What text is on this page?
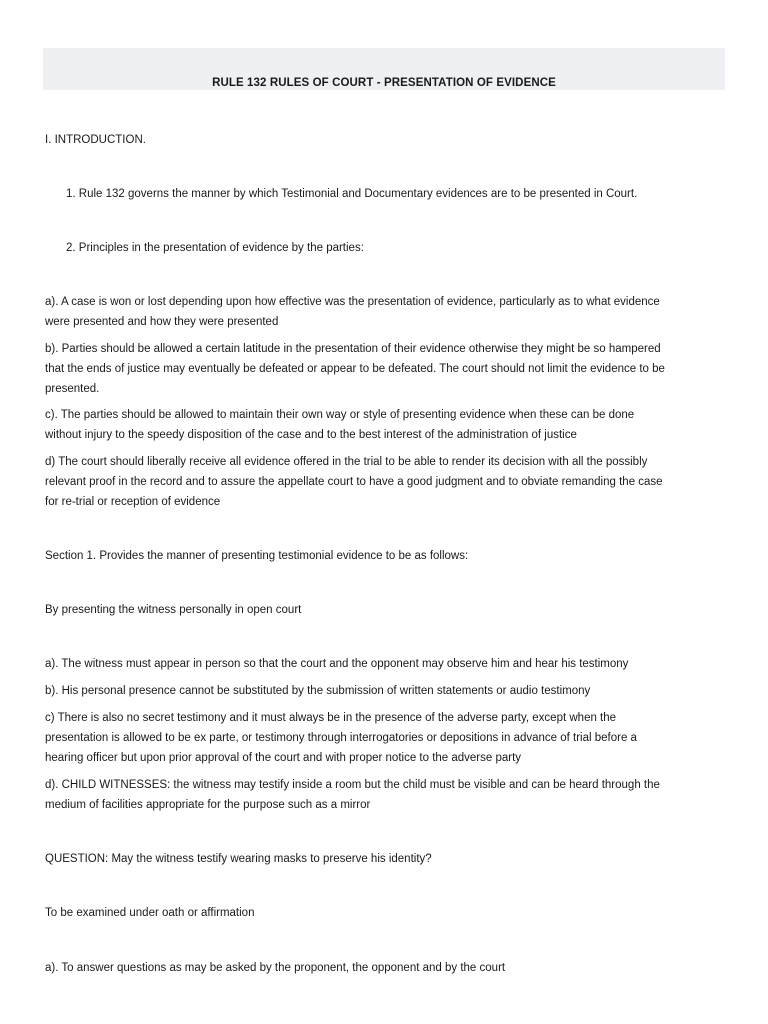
RULE 132 RULES OF COURT - PRESENTATION OF EVIDENCE
I. INTRODUCTION.
1. Rule 132 governs the manner by which Testimonial and Documentary evidences are to be presented in Court.
2. Principles in the presentation of evidence by the parties:
a). A case is won or lost depending upon how effective was the presentation of evidence, particularly as to what evidence
were presented and how they were presented
b). Parties should be allowed a certain latitude in the presentation of their evidence otherwise they might be so hampered
that the ends of justice may eventually be defeated or appear to be defeated. The court should not limit the evidence to be
presented.
c). The parties should be allowed to maintain their own way or style of presenting evidence when these can be done
without injury to the speedy disposition of the case and to the best interest of the administration of justice
d) The court should liberally receive all evidence offered in the trial to be able to render its decision with all the possibly
relevant proof in the record and to assure the appellate court to have a good judgment and to obviate remanding the case
for re-trial or reception of evidence
Section 1. Provides the manner of presenting testimonial evidence to be as follows:
By presenting the witness personally in open court
a). The witness must appear in person so that the court and the opponent may observe him and hear his testimony
b). His personal presence cannot be substituted by the submission of written statements or audio testimony
c) There is also no secret testimony and it must always be in the presence of the adverse party, except when the
presentation is allowed to be ex parte, or testimony through interrogatories or depositions in advance of trial before a
hearing officer but upon prior approval of the court and with proper notice to the adverse party
d). CHILD WITNESSES: the witness may testify inside a room but the child must be visible and can be heard through the
medium of facilities appropriate for the purpose such as a mirror
QUESTION: May the witness testify wearing masks to preserve his identity?
To be examined under oath or affirmation
a). To answer questions as may be asked by the proponent, the opponent and by the court
